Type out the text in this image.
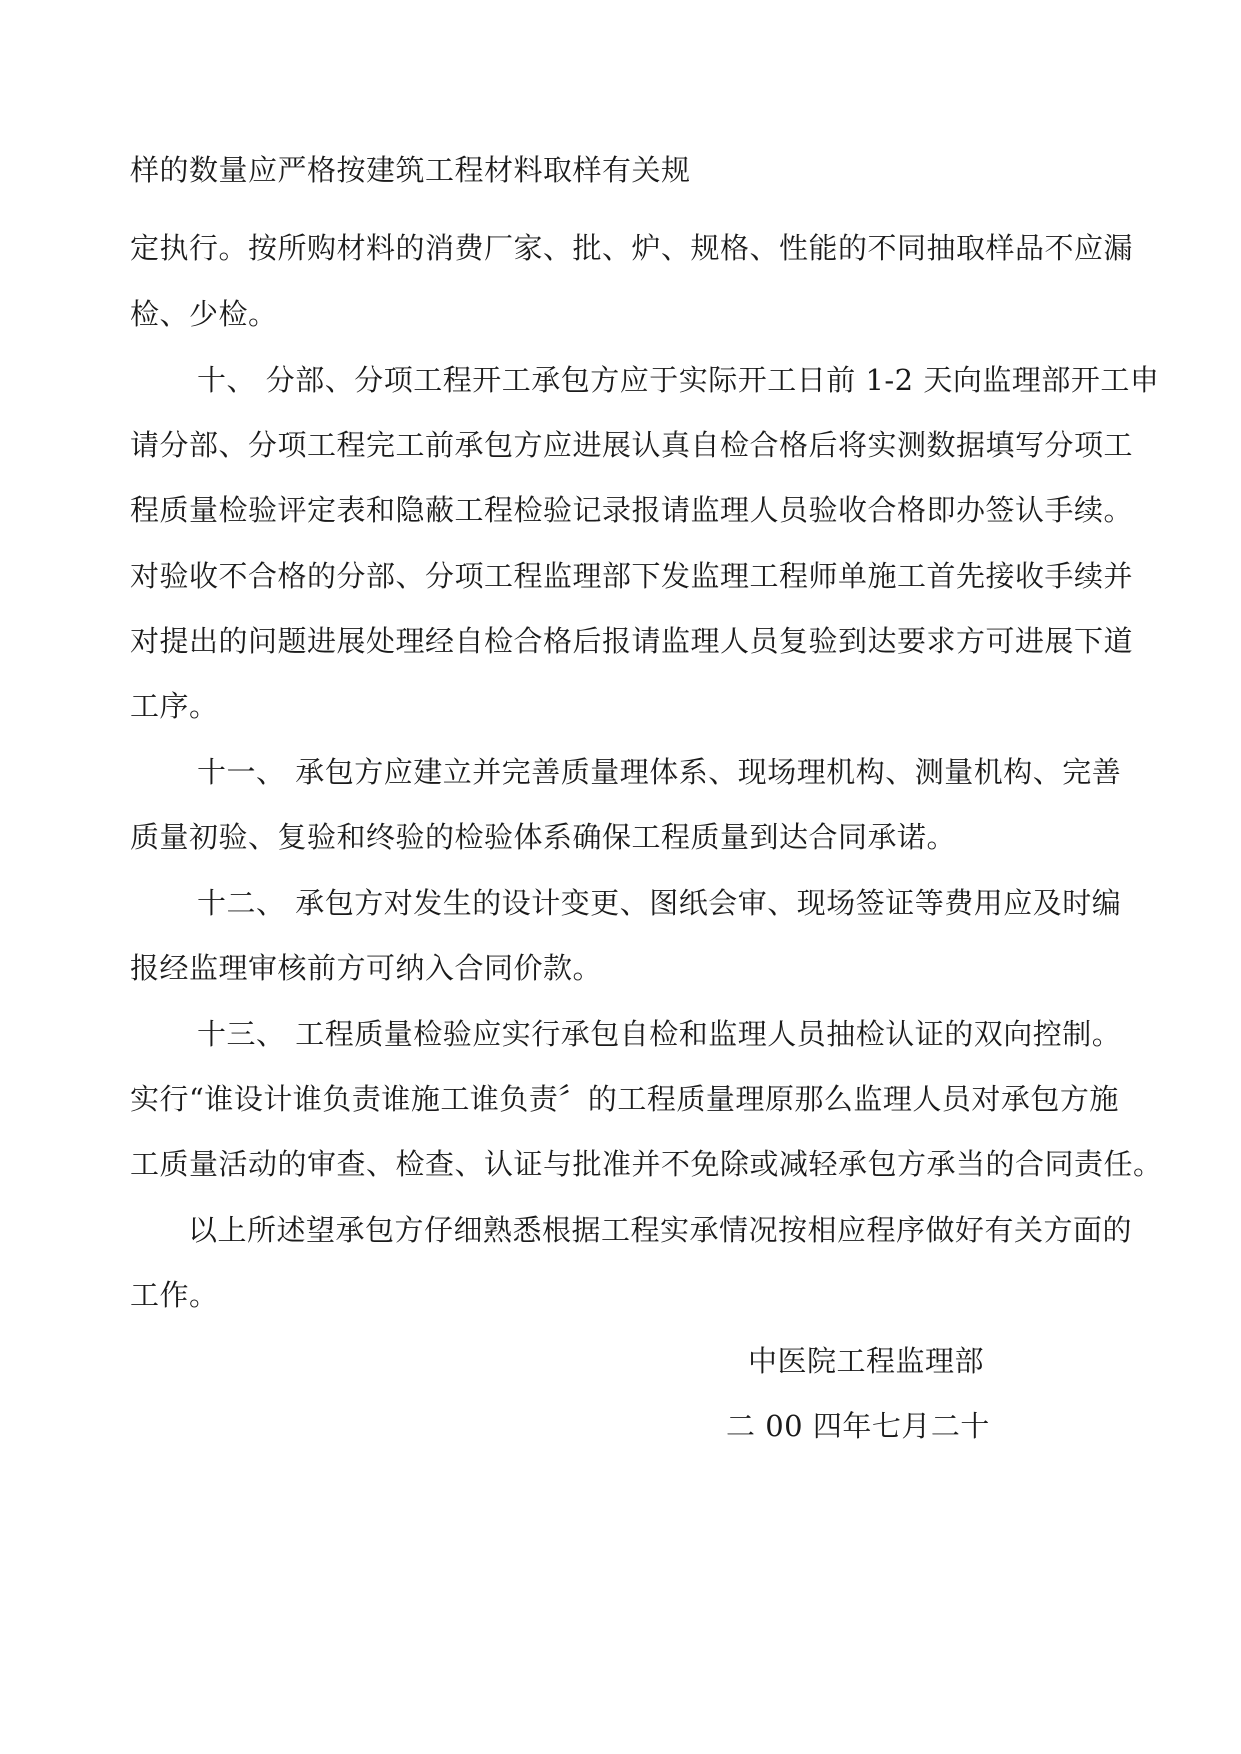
样的数量应严格按建筑工程材料取样有关规
定执行。按所购材料的消费厂家、批、炉、规格、性能的不同抽取样品不应漏
检、少检。
十、 分部、分项工程开工承包方应于实际开工日前 1-2 天向监理部开工申
请分部、分项工程完工前承包方应进展认真自检合格后将实测数据填写分项工
程质量检验评定表和隐蔽工程检验记录报请监理人员验收合格即办签认手续。
对验收不合格的分部、分项工程监理部下发监理工程师单施工首先接收手续并
对提出的问题进展处理经自检合格后报请监理人员复验到达要求方可进展下道
工序。
十一、 承包方应建立并完善质量理体系、现场理机构、测量机构、完善
质量初验、复验和终验的检验体系确保工程质量到达合同承诺。
十二、 承包方对发生的设计变更、图纸会审、现场签证等费用应及时编
报经监理审核前方可纳入合同价款。
十三、 工程质量检验应实行承包自检和监理人员抽检认证的双向控制。
实行“谁设计谁负责谁施工谁负责〞的工程质量理原那么监理人员对承包方施
工质量活动的审查、检查、认证与批准并不免除或减轻承包方承当的合同责任。
以上所述望承包方仔细熟悉根据工程实承情况按相应程序做好有关方面的
工作。
中医院工程监理部
二 00 四年七月二十
